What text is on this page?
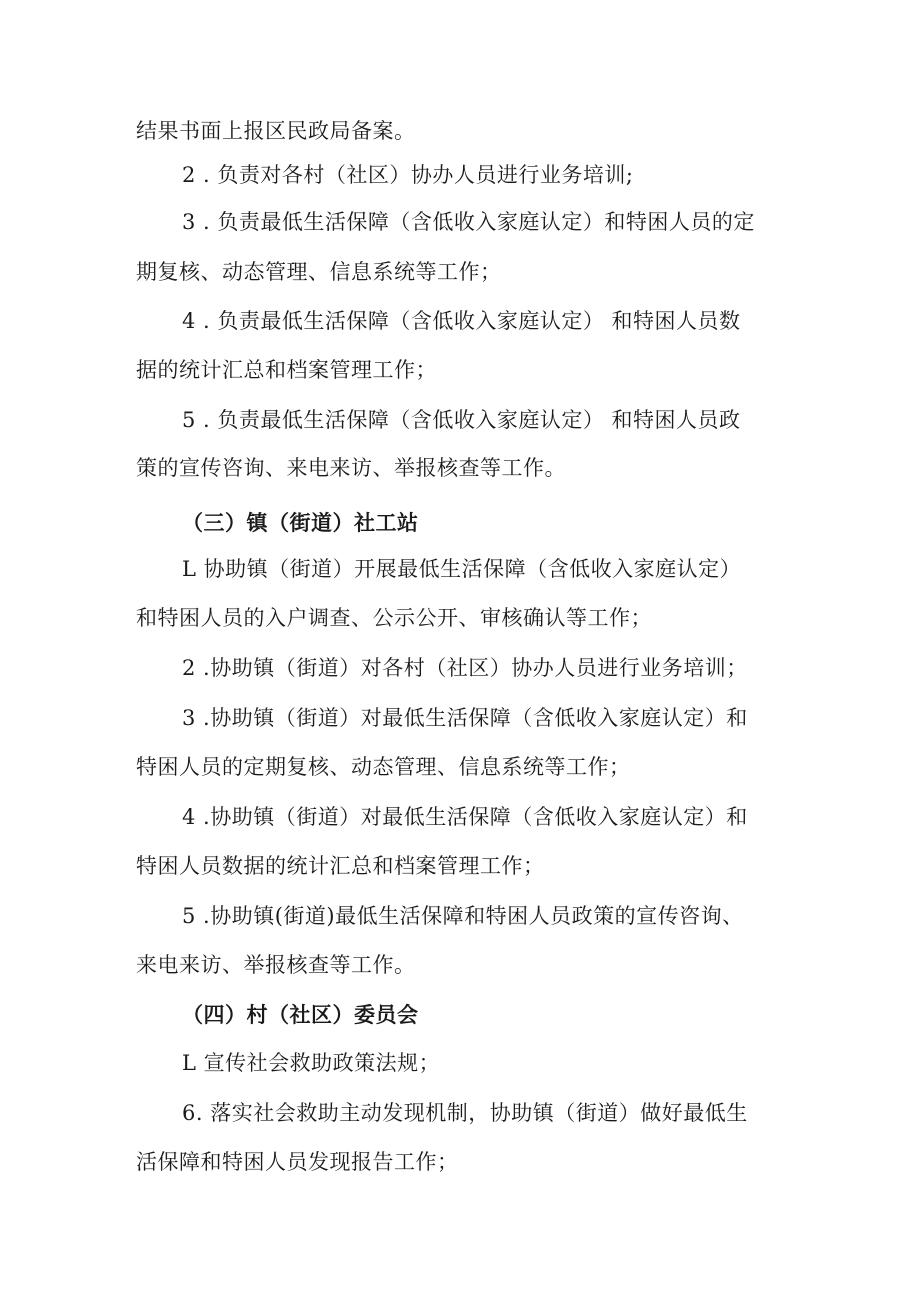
结果书面上报区民政局备案。
2 . 负责对各村（社区）协办人员进行业务培训;
3 . 负责最低生活保障（含低收入家庭认定）和特困人员的定
期复核、动态管理、信息系统等工作；
4 . 负责最低生活保障（含低收入家庭认定） 和特困人员数
据的统计汇总和档案管理工作；
5 . 负责最低生活保障（含低收入家庭认定） 和特困人员政
策的宣传咨询、来电来访、举报核查等工作。
（三）镇（街道）社工站
L 协助镇（街道）开展最低生活保障（含低收入家庭认定）
和特困人员的入户调查、公示公开、审核确认等工作；
2 .协助镇（街道）对各村（社区）协办人员进行业务培训；
3 .协助镇（街道）对最低生活保障（含低收入家庭认定）和
特困人员的定期复核、动态管理、信息系统等工作；
4 .协助镇（街道）对最低生活保障（含低收入家庭认定）和
特困人员数据的统计汇总和档案管理工作；
5 .协助镇(街道)最低生活保障和特困人员政策的宣传咨询、
来电来访、举报核查等工作。
（四）村（社区）委员会
L 宣传社会救助政策法规；
6. 落实社会救助主动发现机制，协助镇（街道）做好最低生
活保障和特困人员发现报告工作；
